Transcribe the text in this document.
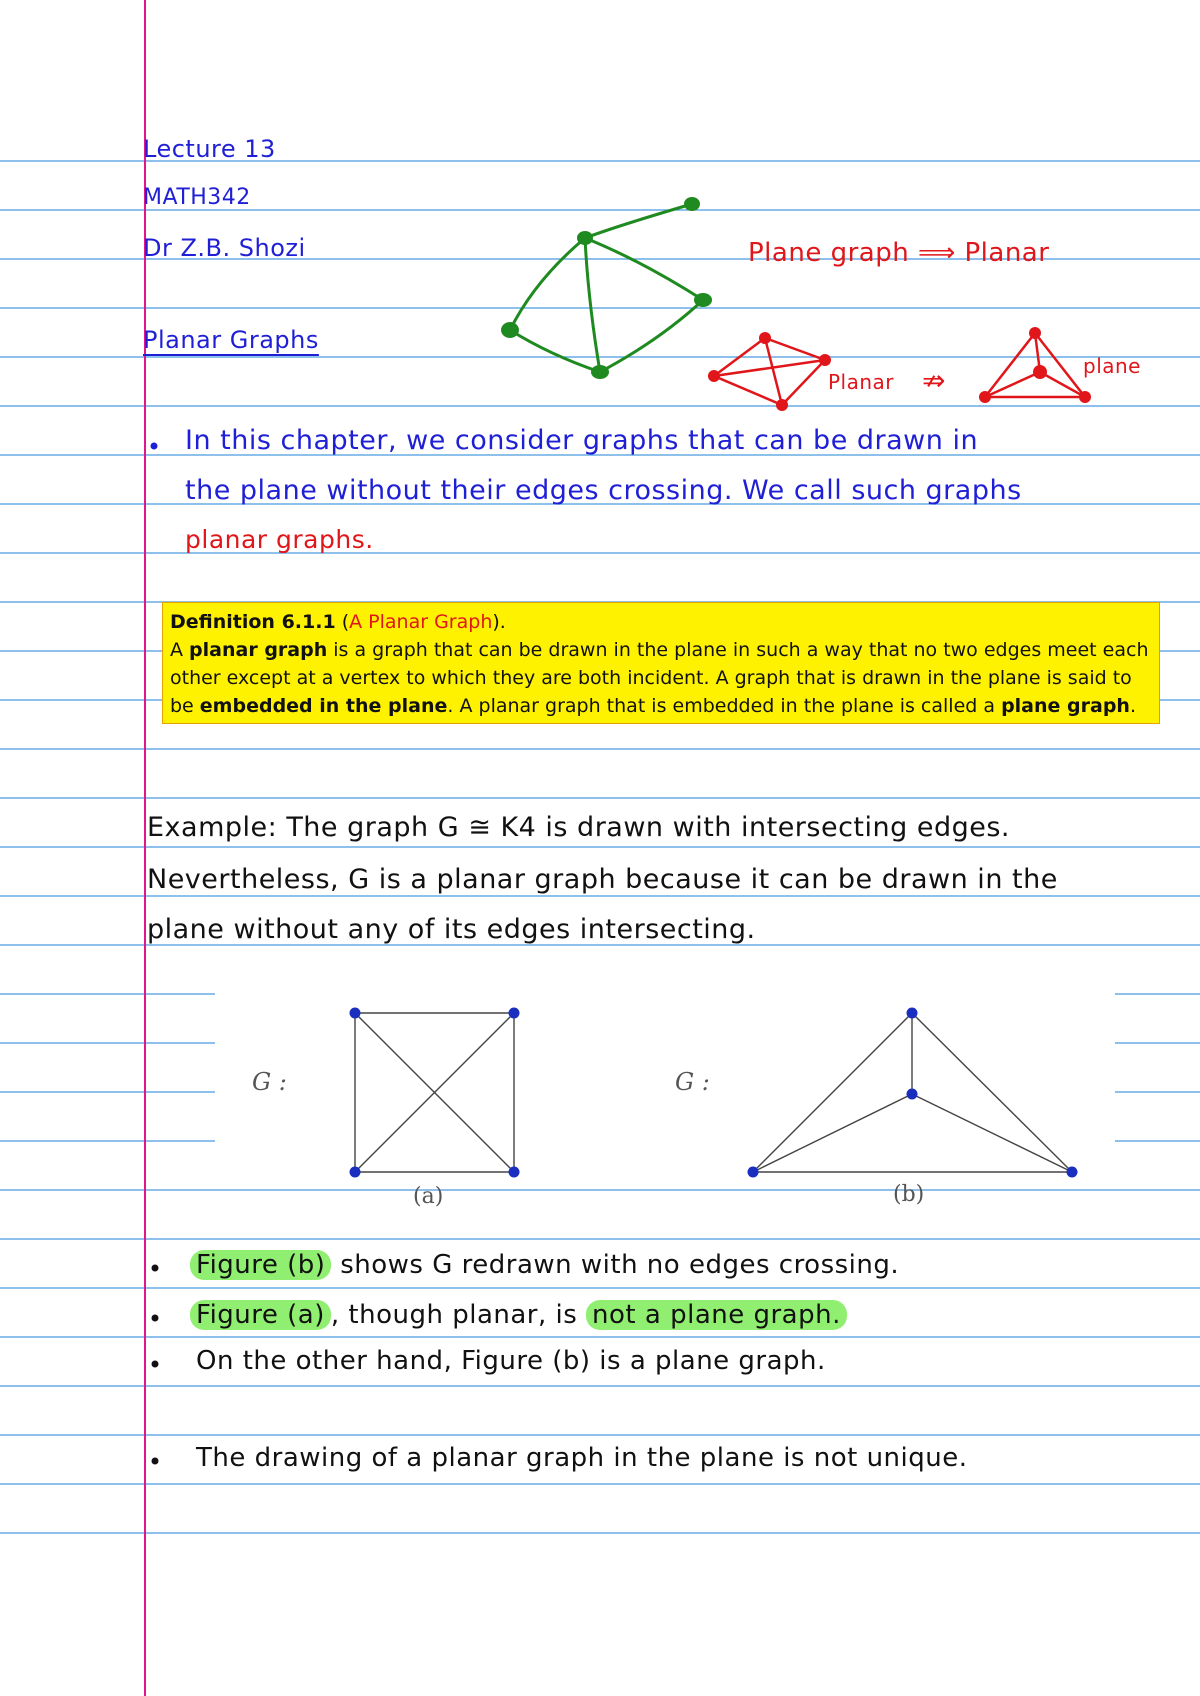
Lecture 13
MATH342
Dr Z.B. Shozi
Planar Graphs
Plane graph ⟹ Planar
Planar ⇏	plane
In this chapter, we consider graphs that can be drawn in
the plane without their edges crossing. We call such graphs
planar graphs.
Definition 6.1.1 (A Planar Graph).
A planar graph is a graph that can be drawn in the plane in such a way that no two edges meet each
other except at a vertex to which they are both incident. A graph that is drawn in the plane is said to
be embedded in the plane. A planar graph that is embedded in the plane is called a plane graph.
Example: The graph G ≅ K4 is drawn with intersecting edges.
Nevertheless, G is a planar graph because it can be drawn in the
plane without any of its edges intersecting.
G :
(a)
G :
(b)
Figure (b) shows G redrawn with no edges crossing.
Figure (a) , though planar, is not a plane graph.
On the other hand, Figure (b) is a plane graph.
The drawing of a planar graph in the plane is not unique.
